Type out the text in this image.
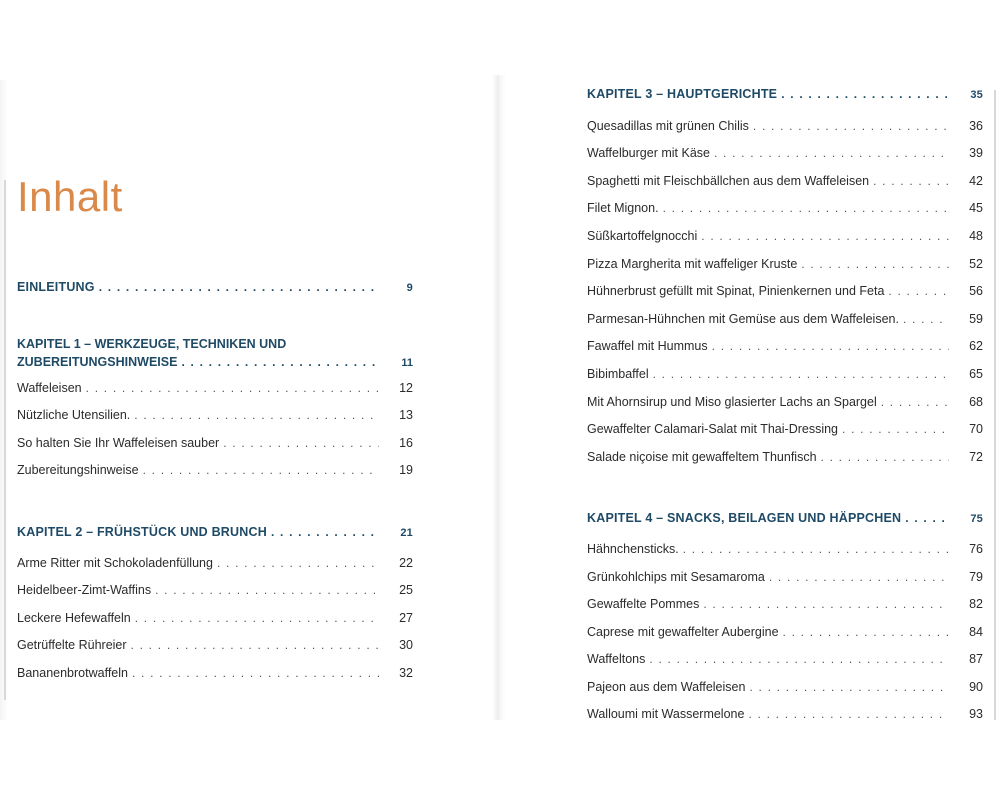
Inhalt
EINLEITUNG . . .	9
KAPITEL 1 – WERKZEUGE, TECHNIKEN UND
ZUBEREITUNGSHINWEISE . . .	11
Waffeleisen . . .	12
Nützliche Utensilien. . . .	13
So halten Sie Ihr Waffeleisen sauber . . .	16
Zubereitungshinweise . . .	19
KAPITEL 2 – FRÜHSTÜCK UND BRUNCH . . .	21
Arme Ritter mit Schokoladenfüllung . . .	22
Heidelbeer-Zimt-Waffins . . .	25
Leckere Hefewaffeln . . .	27
Getrüffelte Rühreier . . .	30
Bananenbrotwaffeln . . .	32
KAPITEL 3 – HAUPTGERICHTE . . .	35
Quesadillas mit grünen Chilis . . .	36
Waffelburger mit Käse . . .	39
Spaghetti mit Fleischbällchen aus dem Waffeleisen . . .	42
Filet Mignon. . . .	45
Süßkartoffelgnocchi . . .	48
Pizza Margherita mit waffeliger Kruste . . .	52
Hühnerbrust gefüllt mit Spinat, Pinienkernen und Feta . . .	56
Parmesan-Hühnchen mit Gemüse aus dem Waffeleisen. . . .	59
Fawaffel mit Hummus . . .	62
Bibimbaffel . . .	65
Mit Ahornsirup und Miso glasierter Lachs an Spargel . . .	68
Gewaffelter Calamari-Salat mit Thai-Dressing . . .	70
Salade niçoise mit gewaffeltem Thunfisch . . .	72
KAPITEL 4 – SNACKS, BEILAGEN UND HÄPPCHEN . . .	75
Hähnchensticks. . . .	76
Grünkohlchips mit Sesamaroma . . .	79
Gewaffelte Pommes . . .	82
Caprese mit gewaffelter Aubergine . . .	84
Waffeltons . . .	87
Pajeon aus dem Waffeleisen . . .	90
Walloumi mit Wassermelone . . .	93
